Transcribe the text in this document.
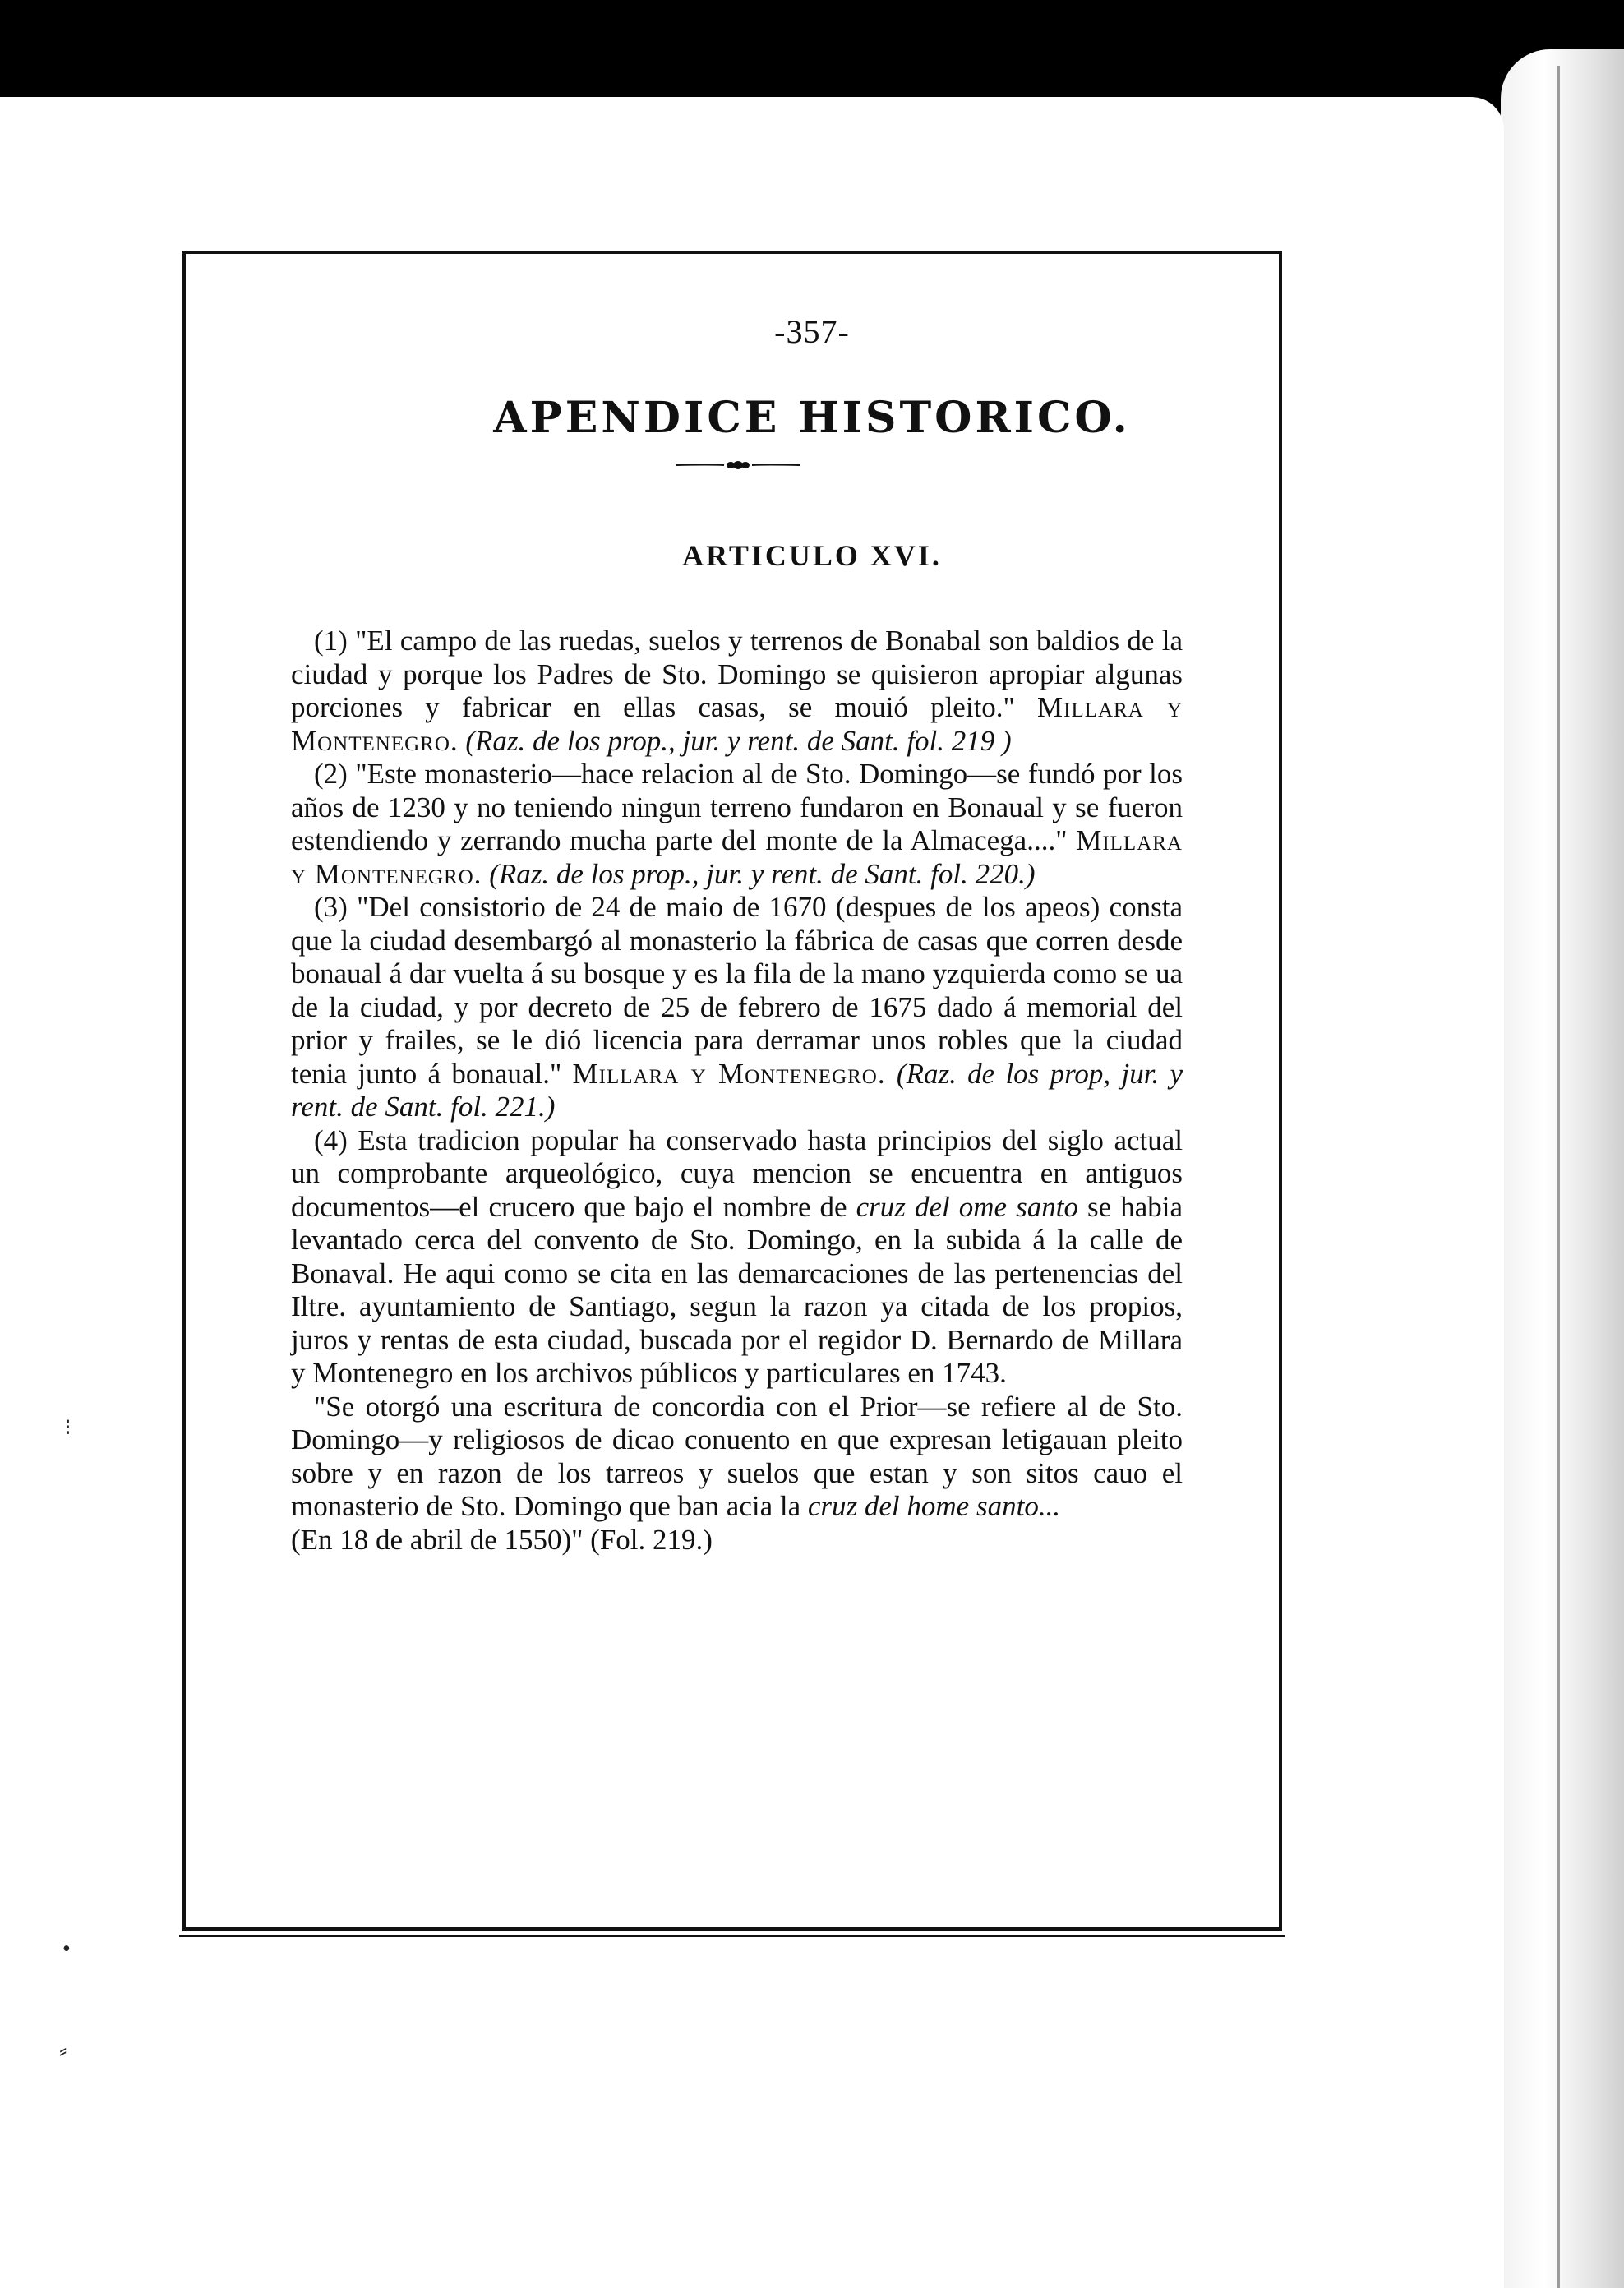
-357-
APENDICE HISTORICO.
ARTICULO XVI.

(1) "El campo de las ruedas, suelos y terrenos de Bonabal son baldios de la ciudad y porque los Padres de Sto. Domingo se quisieron apropiar algunas porciones y fabricar en ellas casas, se mouió pleito." Millara y Montenegro. (Raz. de los prop., jur. y rent. de Sant. fol. 219 )

(2) "Este monasterio—hace relacion al de Sto. Domingo—se fundó por los años de 1230 y no teniendo ningun terreno fundaron en Bonaual y se fueron estendiendo y zerrando mucha parte del monte de la Almacega...." Millara y Montenegro. (Raz. de los prop., jur. y rent. de Sant. fol. 220.)

(3) "Del consistorio de 24 de maio de 1670 (despues de los apeos) consta que la ciudad desembargó al monasterio la fábrica de casas que corren desde bonaual á dar vuelta á su bosque y es la fila de la mano yzquierda como se ua de la ciudad, y por decreto de 25 de febrero de 1675 dado á memorial del prior y frailes, se le dió licencia para derramar unos robles que la ciudad tenia junto á bonaual." Millara y Montenegro. (Raz. de los prop, jur. y rent. de Sant. fol. 221.)

(4) Esta tradicion popular ha conservado hasta principios del siglo actual un comprobante arqueológico, cuya mencion se encuentra en antiguos documentos—el crucero que bajo el nombre de cruz del ome santo se habia levantado cerca del convento de Sto. Domingo, en la subida á la calle de Bonaval. He aqui como se cita en las demarcaciones de las pertenencias del Iltre. ayuntamiento de Santiago, segun la razon ya citada de los propios, juros y rentas de esta ciudad, buscada por el regidor D. Bernardo de Millara y Montenegro en los archivos públicos y particulares en 1743.

"Se otorgó una escritura de concordia con el Prior—se refiere al de Sto. Domingo—y religiosos de dicao conuento en que expresan letigauan pleito sobre y en razon de los tarreos y suelos que estan y son sitos cauo el monasterio de Sto. Domingo que ban acia la cruz del home santo...

(En 18 de abril de 1550)" (Fol. 219.)

⁝
•
⸗
